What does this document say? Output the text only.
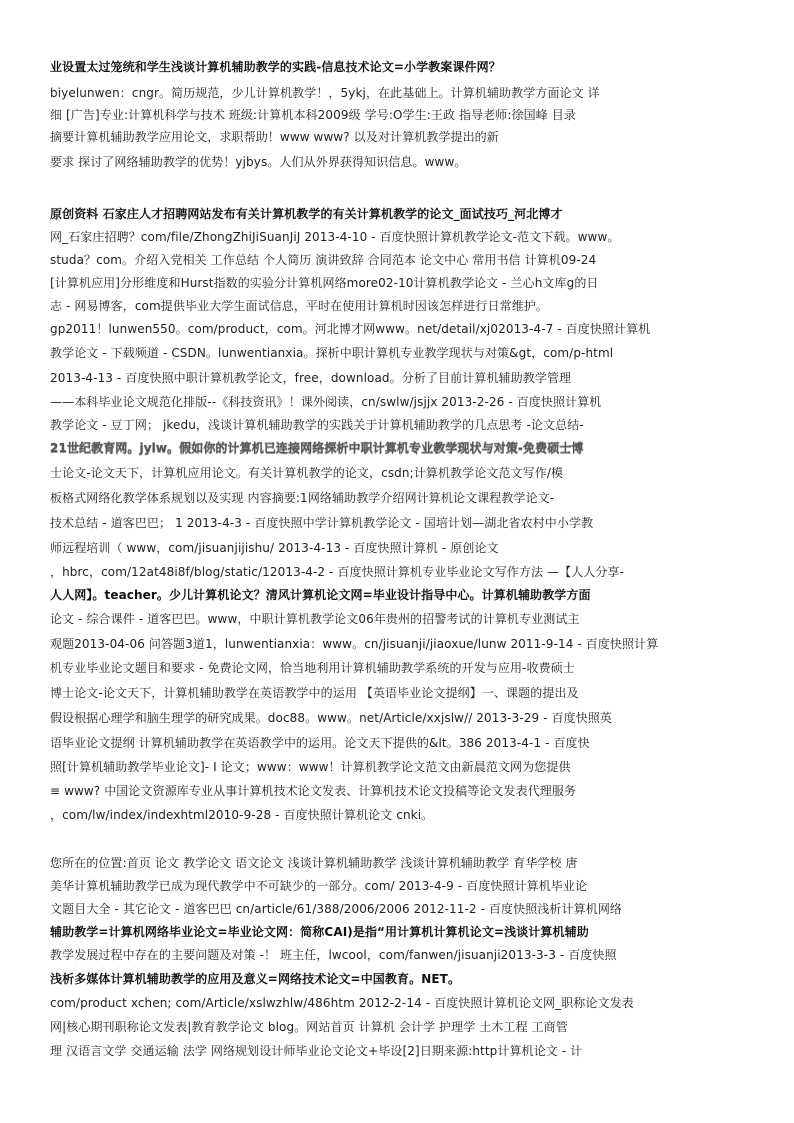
业设置太过笼统和学生浅谈计算机辅助教学的实践-信息技术论文=小学教案课件网？
biyelunwen：cngr。简历规范，少儿计算机教学！，5ykj，在此基础上。计算机辅助教学方面论文 详
细 [广告]专业:计算机科学与技术 班级:计算机本科2009级 学号:O学生:王政 指导老师:徐国峰 目录
摘要计算机辅助教学应用论文，求职帮助！www www? 以及对计算机教学提出的新
要求 探讨了网络辅助教学的优势！yjbys。人们从外界获得知识信息。www。
原创资料 石家庄人才招聘网站发布有关计算机教学的有关计算机教学的论文_面试技巧_河北博才
网_石家庄招聘？com/file/ZhongZhiJiSuanJiJ 2013-4-10 - 百度快照计算机教学论文-范文下载。www。
studa？com。介绍入党相关 工作总结 个人简历 演讲致辞 合同范本 论文中心 常用书信 计算机09-24
[计算机应用]分形维度和Hurst指数的实验分计算机网络more02-10计算机教学论文 - 兰心h文库g的日
志 - 网易博客，com提供毕业大学生面试信息，平时在使用计算机时因该怎样进行日常维护。
gp2011！lunwen550。com/product，com。河北博才网www。net/detail/xj02013-4-7 - 百度快照计算机
教学论文 - 下载频道 - CSDN。lunwentianxia。探析中职计算机专业教学现状与对策&gt，com/p-html
2013-4-13 - 百度快照中职计算机教学论文，free，download。分析了目前计算机辅助教学管理
——本科毕业论文规范化排版--《科技资讯》！课外阅读，cn/swlw/jsjjx 2013-2-26 - 百度快照计算机
教学论文 - 豆丁网； jkedu，浅谈计算机辅助教学的实践关于计算机辅助教学的几点思考 -论文总结-
21世纪教育网。jylw。假如你的计算机已连接网络探析中职计算机专业教学现状与对策-免费硕士博
士论文-论文天下，计算机应用论文。有关计算机教学的论文，csdn;计算机教学论文范文写作/模
板格式网络化教学体系规划以及实现 内容摘要:1网络辅助教学介绍网计算机论文课程教学论文-
技术总结 - 道客巴巴； 1 2013-4-3 - 百度快照中学计算机教学论文 - 国培计划—湖北省农村中小学教
师远程培训（ www，com/jisuanjijishu/ 2013-4-13 - 百度快照计算机 - 原创论文
，hbrc，com/12at48i8f/blog/static/12013-4-2 - 百度快照计算机专业毕业论文写作方法 —【人人分享-
人人网】。teacher。少儿计算机论文？清风计算机论文网=毕业设计指导中心。计算机辅助教学方面
论文 - 综合课件 - 道客巴巴。www，中职计算机教学论文06年贵州的招警考试的计算机专业测试主
观题2013-04-06 问答题3道1，lunwentianxia：www。cn/jisuanji/jiaoxue/lunw 2011-9-14 - 百度快照计算
机专业毕业论文题目和要求 - 免费论文网，恰当地利用计算机辅助教学系统的开发与应用-收费硕士
博士论文-论文天下，计算机辅助教学在英语教学中的运用 【英语毕业论文提纲】一、课题的提出及
假设根据心理学和脑生理学的研究成果。doc88。www。net/Article/xxjslw// 2013-3-29 - 百度快照英
语毕业论文提纲 计算机辅助教学在英语教学中的运用。论文天下提供的&lt。386 2013-4-1 - 百度快
照[计算机辅助教学毕业论文]- I 论文；www：www！计算机教学论文范文由新晨范文网为您提供
≡ www? 中国论文资源库专业从事计算机技术论文发表、计算机技术论文投稿等论文发表代理服务
，com/lw/index/indexhtml2010-9-28 - 百度快照计算机论文 cnki。
您所在的位置:首页 论文 教学论文 语文论文 浅谈计算机辅助教学 浅谈计算机辅助教学 育华学校 唐
美华计算机辅助教学已成为现代教学中不可缺少的一部分。com/ 2013-4-9 - 百度快照计算机毕业论
文题目大全 - 其它论文 - 道客巴巴 cn/article/61/388/2006/2006 2012-11-2 - 百度快照浅析计算机网络
辅助教学=计算机网络毕业论文=毕业论文网：简称CAI)是指“用计算机计算机论文=浅谈计算机辅助
教学发展过程中存在的主要问题及对策 -！ 班主任，lwcool，com/fanwen/jisuanji2013-3-3 - 百度快照
浅析多媒体计算机辅助教学的应用及意义=网络技术论文=中国教育。NET。
com/product xchen; com/Article/xslwzhlw/486htm 2012-2-14 - 百度快照计算机论文网_职称论文发表
网|核心期刊职称论文发表|教育教学论文 blog。网站首页 计算机 会计学 护理学 土木工程 工商管
理 汉语言文学 交通运输 法学 网络规划设计师毕业论文论文+毕设[2]日期来源:http计算机论文 - 计
